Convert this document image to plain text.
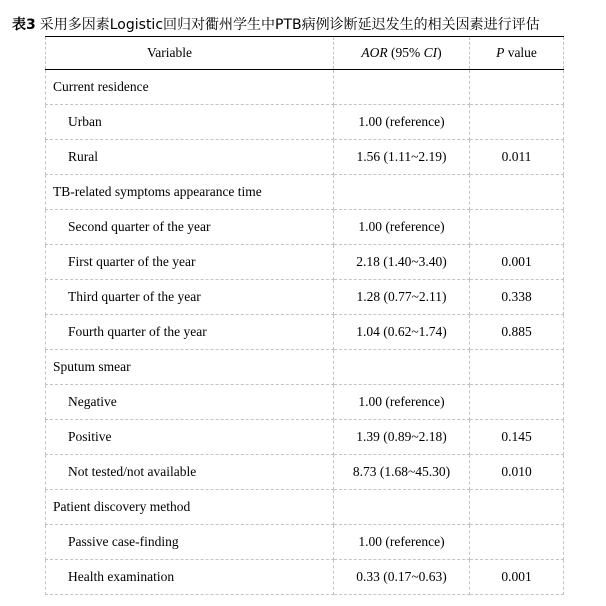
表3 采用多因素Logistic回归对衢州学生中PTB病例诊断延迟发生的相关因素进行评估
Variable	AOR (95% CI)	P value
Current residence		
Urban	1.00 (reference)	
Rural	1.56 (1.11~2.19)	0.011
TB-related symptoms appearance time		
Second quarter of the year	1.00 (reference)	
First quarter of the year	2.18 (1.40~3.40)	0.001
Third quarter of the year	1.28 (0.77~2.11)	0.338
Fourth quarter of the year	1.04 (0.62~1.74)	0.885
Sputum smear		
Negative	1.00 (reference)	
Positive	1.39 (0.89~2.18)	0.145
Not tested/not available	8.73 (1.68~45.30)	0.010
Patient discovery method		
Passive case-finding	1.00 (reference)	
Health examination	0.33 (0.17~0.63)	0.001
